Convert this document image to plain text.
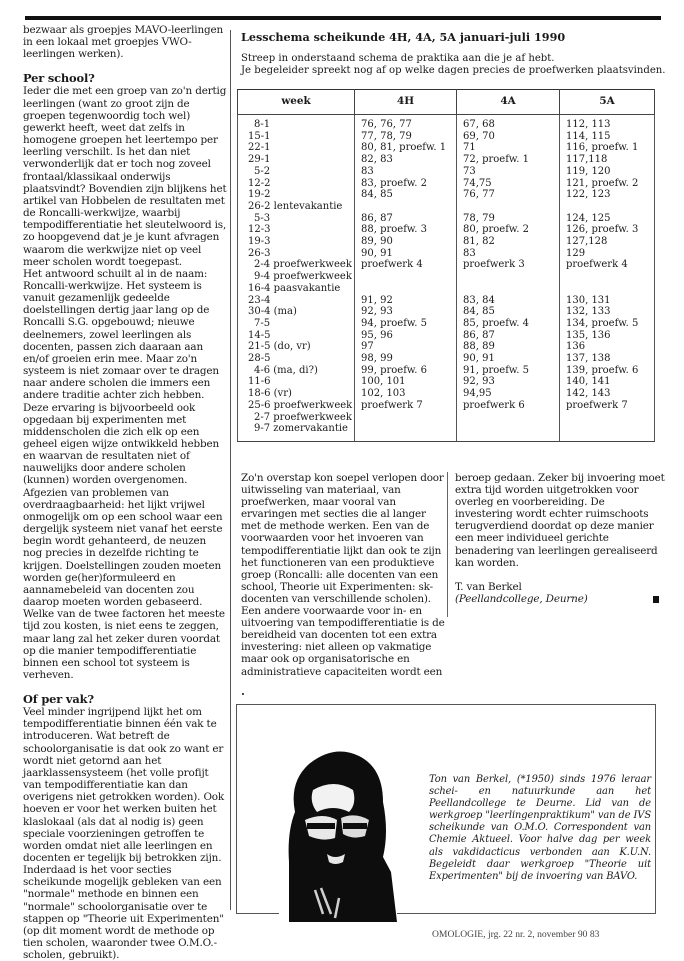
bezwaar als groepjes MAVO-leerlingen in een lokaal met groepjes VWO-leerlingen werken).

Per school?

Ieder die met een groep van zo'n dertig leerlingen (want zo groot zijn de groepen tegenwoordig toch wel) gewerkt heeft, weet dat zelfs in homogene groepen het leertempo per leerling verschilt. Is het dan niet verwonderlijk dat er toch nog zoveel frontaal/klassikaal onderwijs plaatsvindt? Bovendien zijn blijkens het artikel van Hobbelen de resultaten met de Roncalli-werkwijze, waarbij tempodifferentiatie het sleutelwoord is, zo hoopgevend dat je je kunt afvragen waarom die werkwijze niet op veel meer scholen wordt toegepast.

Het antwoord schuilt al in de naam: Roncalli-werkwijze. Het systeem is vanuit gezamenlijk gedeelde doelstellingen dertig jaar lang op de Roncalli S.G. opgebouwd; nieuwe deelnemers, zowel leerlingen als docenten, passen zich daaraan aan en/of groeien erin mee. Maar zo'n systeem is niet zomaar over te dragen naar andere scholen die immers een andere traditie achter zich hebben.

Deze ervaring is bijvoorbeeld ook opgedaan bij experimenten met middenscholen die zich elk op een geheel eigen wijze ontwikkeld hebben en waarvan de resultaten niet of nauwelijks door andere scholen (kunnen) worden overgenomen.

Afgezien van problemen van overdraagbaarheid: het lijkt vrijwel onmogelijk om op een school waar een dergelijk systeem niet vanaf het eerste begin wordt gehanteerd, de neuzen nog precies in dezelfde richting te krijgen. Doelstellingen zouden moeten worden ge(her)formuleerd en aannamebeleid van docenten zou daarop moeten worden gebaseerd. Welke van de twee factoren het meeste tijd zou kosten, is niet eens te zeggen, maar lang zal het zeker duren voordat op die manier tempodifferentiatie binnen een school tot systeem is verheven.

Of per vak?

Veel minder ingrijpend lijkt het om tempodifferentiatie binnen één vak te introduceren. Wat betreft de schoolorganisatie is dat ook zo want er wordt niet getornd aan het jaarklassensysteem (het volle profijt van tempodifferentiatie kan dan overigens niet getrokken worden). Ook hoeven er voor het werken buiten het klaslokaal (als dat al nodig is) geen speciale voorzieningen getroffen te worden omdat niet alle leerlingen en docenten er tegelijk bij betrokken zijn. Inderdaad is het voor secties scheikunde mogelijk gebleken van een "normale" methode en binnen een "normale" schoolorganisatie over te stappen op "Theorie uit Experimenten" (op dit moment wordt de methode op tien scholen, waaronder twee O.M.O.-scholen, gebruikt).

Lesschema scheikunde 4H, 4A, 5A januari-juli 1990
Streep in onderstaand schema de praktika aan die je af hebt.
Je begeleider spreekt nog af op welke dagen precies de proefwerken plaatsvinden.
week	4H	4A	5A
8-1	76, 76, 77	67, 68	112, 113
15-1	77, 78, 79	69, 70	114, 115
22-1	80, 81, proefw. 1	71	116, proefw. 1
29-1	82, 83	72, proefw. 1	117,118
5-2	83	73	119, 120
12-2	83, proefw. 2	74,75	121, proefw. 2
19-2	84, 85	76, 77	122, 123
26-2 lentevakantie			
5-3	86, 87	78, 79	124, 125
12-3	88, proefw. 3	80, proefw. 2	126, proefw. 3
19-3	89, 90	81, 82	127,128
26-3	90, 91	83	129
2-4 proefwerkweek	proefwerk 4	proefwerk 3	proefwerk 4
9-4 proefwerkweek			
16-4 paasvakantie			
23-4	91, 92	83, 84	130, 131
30-4 (ma)	92, 93	84, 85	132, 133
7-5	94, proefw. 5	85, proefw. 4	134, proefw. 5
14-5	95, 96	86, 87	135, 136
21-5 (do, vr)	97	88, 89	136
28-5	98, 99	90, 91	137, 138
4-6 (ma, di?)	99, proefw. 6	91, proefw. 5	139, proefw. 6
11-6	100, 101	92, 93	140, 141
18-6 (vr)	102, 103	94,95	142, 143
25-6 proefwerkweek	proefwerk 7	proefwerk 6	proefwerk 7
2-7 proefwerkweek			
9-7 zomervakantie			

Zo'n overstap kon soepel verlopen door uitwisseling van materiaal, van proefwerken, maar vooral van ervaringen met secties die al langer met de methode werken. Een van de voorwaarden voor het invoeren van tempodifferentiatie lijkt dan ook te zijn het functioneren van een produktieve groep (Roncalli: alle docenten van een school, Theorie uit Experimenten: sk-docenten van verschillende scholen).

Een andere voorwaarde voor in- en uitvoering van tempodifferentiatie is de bereidheid van docenten tot een extra investering: niet alleen op vakmatige maar ook op organisatorische en administratieve capaciteiten wordt een

beroep gedaan. Zeker bij invoering moet extra tijd worden uitgetrokken voor overleg en voorbereiding. De investering wordt echter ruimschoots terugverdiend doordat op deze manier een meer individueel gerichte benadering van leerlingen gerealiseerd kan worden.

T. van Berkel

(Peellandcollege, Deurne)

Ton van Berkel, (*1950) sinds 1976 leraar schei- en natuurkunde aan het Peellandcollege te Deurne. Lid van de werkgroep "leerlingenpraktikum" van de IVS scheikunde van O.M.O. Correspondent van Chemie Aktueel. Voor halve dag per week als vakdidacticus verbonden aan K.U.N. Begeleidt daar werkgroep "Theorie uit Experimenten" bij de invoering van BAVO.
OMOLOGIE, jrg. 22 nr. 2, november 90 83
